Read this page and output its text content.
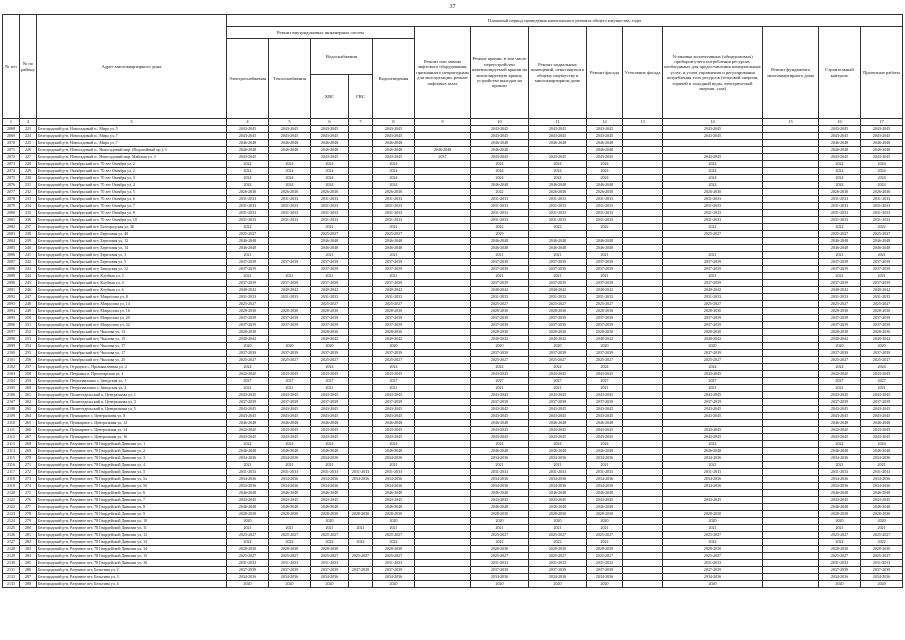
37
№ п/п	№ по району	Адрес многоквартирного дома	Плановый период проведения капитального ремонта общего имущества, годы													
			Ремонт внутридомовых инженерных систем					Ремонт или замена лифтового оборудования, признанного непригодным для эксплуатации, ремонт лифтовых шахт	Ремонт крыши, в том числе переустройство невентилируемой крыши на вентилируемую крышу, устройство выходов на кровлю	Ремонт подвальных помещений, относящихся к общему имуществу в многоквартирном доме	Ремонт фасада	Утепление фасада	Установка коллективных (общедомовых) приборов учета потребления ресурсов, необходимых для предоставления коммунальных услуг, и узлов управления и регулирования потребления этих ресурсов (тепловой энергии, горячей и холодной воды, электрической энергии, газа)	Ремонт фундамента многоквартирного дома	Строительный контроль	Проектные работы
			Электроснабжения	Теплоснабжения	Водоснабжения		Водоотведения									
					ХВС	ГВС										
1	2	3	4	5	6	7	8	9	10	11	12	13	14	15	16	17
2068	223	Белгородский р-н, Новосадовый п., Мира ул, 5	2043-2045	2043-2045	2043-2045		2043-2045		2043-2045	2043-2045	2043-2045		2043-2045		2043-2045	2043-2045
2069	224	Белгородский р-н, Новосадовый п., Мира ул, 7	2043-2045	2043-2045	2043-2045		2043-2045		2043-2045	2043-2045	2043-2045		2043-2045		2043-2045	2043-2045
2070	225	Белгородский р-н, Новосадовый п., Мира ул, 7	2046-2048	2046-2048	2046-2048		2046-2048		2046-2048	2046-2048	2046-2048				2046-2048	2046-2048
2071	226	Белгородский р-н, Новосадовый п., Новосадовый мкр. (Водопойный пр.), 3	2046-2048	2046-2048	2046-2048		2046-2048	2046-2048	2046-2048		2046-2048				2046-2048	2046-2048
2072	227	Белгородский р-н, Новосадовый п., Новосадовый мкр. Майская ул, 3	2043-2045		2043-2045		2043-2045	2037	2043-2045	2043-2045	2043-2045		2043-2045		2043-2045	2043-2045
2073	228	Белгородский р-н, Октябрьский пгт, 70 лет Октября ул, 2	2024	2024	2024		2024		2024	2024	2024		2024		2024	2024
2074	229	Белгородский р-н, Октябрьский пгт, 70 лет Октября ул, 2	2024	2024	2024		2024		2024	2024	2024		2024		2024	2024
2075	230	Белгородский р-н, Октябрьский пгт, 70 лет Октября ул, 3	2024	2024	2024		2024		2024	2024	2024		2024		2024	2024
2076	231	Белгородский р-н, Октябрьский пгт, 70 лет Октября ул, 4	2024	2024	2024		2024		2046-2048	2046-2048	2046-2048		2024		2024	2024
2077	232	Белгородский р-н, Октябрьский пгт, 70 лет Октября ул, 5	2026-2030	2026-2030	2026-2030		2026-2030		2022	2026-2030	2026-2030		2026-2030		2026-2030	2026-2030
2078	233	Белгородский р-н, Октябрьский пгт, 70 лет Октября ул, 6	2031-2033	2031-2033	2031-2033		2031-2033		2031-2033	2031-2033	2031-2033		2031-2033		2031-2033	2031-2033
2079	234	Белгородский р-н, Октябрьский пгт, 70 лет Октября ул, 7	2031-2033	2031-2033	2031-2033		2031-2033		2031-2033	2031-2033	2031-2033		2031-2033		2031-2033	2031-2033
2080	235	Белгородский р-н, Октябрьский пгт, 70 лет Октября ул, 8	2031-2033	2031-2033	2031-2033		2031-2033		2031-2033	2031-2033	2031-2033		2031-2033		2031-2033	2031-2033
2081	236	Белгородский р-н, Октябрьский пгт, 70 лет Октября ул, 10	2031-2033	2031-2033	2031-2033		2031-2033		2031-2033	2031-2033	2031-2033		2031-2033		2031-2033	2031-2033
2082	237	Белгородский р-н, Октябрьский пгт, Белгородская ул, 46	2022		2022		2022		2022	2022	2022		2022		2022	2022
2083	238	Белгородский р-н, Октябрьский пгт, Березовая ул, 40	2025-2027		2025-2027		2025-2027		2029				2025-2027		2025-2027	2025-2027
2084	239	Белгородский р-н, Октябрьский пгт, Березовая ул, 12	2046-2048		2046-2048		2046-2048		2046-2048	2046-2048	2046-2048				2046-2048	2046-2048
2085	240	Белгородский р-н, Октябрьский пгт, Березовая ул, 14	2046-2048		2046-2048		2046-2048		2046-2048	2046-2048	2046-2048				2046-2048	2046-2048
2086	241	Белгородский р-н, Октябрьский пгт, Березовая ул, 3	2021		2021		2021		2021	2021	2021		2021		2021	2021
2087	242	Белгородский р-н, Октябрьский пгт, Березовая ул, 5	2037-2039	2037-2039	2037-2039		2037-2039		2037-2039	2037-2039	2037-2039		2037-2039		2037-2039	2037-2039
2088	243	Белгородский р-н, Октябрьский пгт, Заводская ул, 12	2037-2039		2037-2039		2037-2039		2037-2039	2037-2039	2037-2039		2037-2039		2037-2039	2037-2039
2089	244	Белгородский р-н, Октябрьский пгт, Клубная ул, 3	2021	2021	2021		2021		2021	2021	2021		2021		2021	2021
2090	245	Белгородский р-н, Октябрьский пгт, Клубная ул, 4	2037-2039	2037-2039	2037-2039		2037-2039		2037-2039	2037-2039	2037-2039		2037-2039		2037-2039	2037-2039
2091	246	Белгородский р-н, Октябрьский пгт, Клубная ул, 6	2040-2042	2040-2042	2040-2042		2040-2042		2040-2042	2040-2042	2040-2042		2040-2042		2040-2042	2040-2042
2092	247	Белгородский р-н, Октябрьский пгт, Матросова ул, 8	2031-2033	2031-2033	2031-2033		2031-2033		2031-2033	2031-2033	2031-2033		2031-2033		2031-2033	2031-2033
2093	248	Белгородский р-н, Октябрьский пгт, Матросова ул, 14	2025-2027		2025-2027		2025-2027		2025-2027	2025-2027	2025-2027		2025-2027		2025-2027	2025-2027
2094	249	Белгородский р-н, Октябрьский пгт, Матросова ул, 16	2028-2030	2028-2030	2028-2030		2028-2030		2028-2030	2028-2030	2028-2030		2028-2030		2028-2030	2028-2030
2095	250	Белгородский р-н, Октябрьский пгт, Матросова ул, 20	2037-2039	2037-2039	2037-2039		2037-2039		2037-2039	2037-2039	2037-2039		2037-2039		2037-2039	2037-2039
2096	251	Белгородский р-н, Октябрьский пгт, Матросова ул, 22	2037-2039	2037-2039	2037-2039		2037-2039		2037-2039	2037-2039	2037-2039		2037-2039		2037-2039	2037-2039
2097	252	Белгородский р-н, Октябрьский пгт, Чкалова ул, 13	2028-2030		2028-2030		2028-2030		2028-2030	2028-2030	2028-2030		2028-2030		2028-2030	2028-2030
2098	253	Белгородский р-н, Октябрьский пгт, Чкалова ул, 15	2040-2042		2040-2042		2040-2042		2040-2042	2040-2042	2040-2042		2040-2042		2040-2042	2040-2042
2099	254	Белгородский р-н, Октябрьский пгт, Чкалова ул, 17	2020	2020	2020		2020		2020	2020	2020		2020		2020	2020
2100	255	Белгородский р-н, Октябрьский пгт, Чкалова ул, 17	2037-2039	2037-2039	2037-2039		2037-2039		2037-2039	2037-2039	2037-2039		2037-2039		2037-2039	2037-2039
2101	256	Белгородский р-н, Октябрьский пгт, Чкалова ул, 25	2025-2027	2025-2027	2025-2027		2025-2027		2025-2027	2025-2027	2025-2027		2025-2027		2025-2027	2025-2027
2102	257	Белгородский р-н, Отрадное с, Промышленная ул, 2	2024		2024		2024		2024	2024	2024		2024		2024	2024
2103	258	Белгородский р-н, Петровка п, Пролетарская ул, 4	2043-2045	2043-2045	2043-2045		2043-2045		2043-2045	2043-2045	2043-2045		2043-2045		2043-2045	2043-2045
2104	259	Белгородский р-н, Петропавловка с, Заводская ул, 1	2027	2027	2027		2027		2027	2027	2027		2027		2027	2027
2105	260	Белгородский р-н, Петропавловка с, Заводская ул, 2	2021	2021	2021		2021		2021	2021	2021		2021		2021	2021
2106	261	Белгородский р-н, Политотдельский п, Центральная ул, 1	2043-2045	2043-2045	2043-2045		2043-2045		2043-2045	2043-2045	2043-2045		2043-2045		2043-2045	2043-2045
2107	262	Белгородский р-н, Политотдельский п, Центральная ул, 3	2037-2039	2037-2039	2037-2039		2037-2039		2037-2039	2037-2039	2037-2039		2037-2039		2037-2039	2037-2039
2108	263	Белгородский р-н, Политотдельский п, Центральная ул, 5	2043-2045	2043-2045	2043-2045		2043-2045		2043-2045	2043-2045	2043-2045		2043-2045		2043-2045	2043-2045
2109	264	Белгородский р-н, Пушкарное с, Центральная ул, 8	2043-2045	2043-2045	2043-2045		2043-2045		2043-2045	2043-2045	2043-2045		2043-2045		2043-2045	2043-2045
2110	265	Белгородский р-н, Пушкарное с, Центральная ул, 12	2046-2048	2046-2048	2046-2048		2046-2048		2046-2048	2046-2048	2046-2048				2046-2048	2046-2048
2111	266	Белгородский р-н, Пушкарное с, Центральная ул, 14	2043-2045	2043-2045	2043-2045		2043-2045		2043-2045	2043-2045	2043-2045		2043-2045		2043-2045	2043-2045
2112	267	Белгородский р-н, Пушкарное с, Центральная ул, 16	2043-2045	2043-2045	2043-2045		2043-2045		2043-2045	2043-2045	2043-2045		2043-2045		2043-2045	2043-2045
2113	268	Белгородский р-н, Разумное пгт, 78 Гвардейской Дивизии ул, 1	2024	2024	2024		2024		2024	2024	2024		2024		2024	2024
2114	269	Белгородский р-н, Разумное пгт, 78 Гвардейской Дивизии ул, 2	2046-2048	2046-2048	2046-2048		2046-2048		2046-2048	2046-2048	2046-2048		2046-2048		2046-2048	2046-2048
2115	270	Белгородский р-н, Разумное пгт, 78 Гвардейской Дивизии ул, 3	2034-2036	2034-2036	2034-2036		2034-2036		2034-2036	2034-2036	2034-2036		2034-2036		2034-2036	2034-2036
2116	271	Белгородский р-н, Разумное пгт, 78 Гвардейской Дивизии ул, 4	2021	2021	2021		2021		2021	2021	2021		2021		2021	2021
2117	272	Белгородский р-н, Разумное пгт, 78 Гвардейской Дивизии ул, 5	2031-2033	2031-2033	2031-2033	2031-2033	2031-2033		2031-2033	2031-2033	2031-2033		2031-2033		2031-2033	2031-2033
2118	273	Белгородский р-н, Разумное пгт, 78 Гвардейской Дивизии ул, 5а	2034-2036	2034-2036	2034-2036	2034-2036	2034-2036		2034-2036	2034-2036	2034-2036		2034-2036		2034-2036	2034-2036
2119	274	Белгородский р-н, Разумное пгт, 78 Гвардейской Дивизии ул, 5б	2034-2036	2034-2036	2034-2036		2034-2036		2034-2036	2034-2036	2034-2036		2034-2036		2034-2036	2034-2036
2120	275	Белгородский р-н, Разумное пгт, 78 Гвардейской Дивизии ул, 6	2046-2048	2046-2048	2046-2048		2046-2048		2046-2048	2046-2048	2046-2048				2046-2048	2046-2048
2121	276	Белгородский р-н, Разумное пгт, 78 Гвардейской Дивизии ул, 7	2043-2045	2043-2045	2043-2045		2043-2045		2043-2045	2043-2045	2043-2045		2043-2045		2043-2045	2043-2045
2122	277	Белгородский р-н, Разумное пгт, 78 Гвардейской Дивизии ул, 8	2046-2048	2046-2048	2046-2048		2046-2048		2046-2048	2046-2048	2046-2048				2046-2048	2046-2048
2123	278	Белгородский р-н, Разумное пгт, 78 Гвардейской Дивизии ул, 9	2028-2030	2028-2030	2028-2030	2028-2030	2028-2030		2028-2030	2028-2030	2028-2030		2028-2030		2028-2030	2028-2030
2124	279	Белгородский р-н, Разумное пгт, 78 Гвардейской Дивизии ул, 10	2020		2020		2020		2020	2020	2020		2020		2020	2020
2125	280	Белгородский р-н, Разумное пгт, 78 Гвардейской Дивизии ул, 11	2021	2021	2021	2021	2021		2021	2021	2021		2021		2021	2021
2126	281	Белгородский р-н, Разумное пгт, 78 Гвардейской Дивизии ул, 12	2025-2027	2025-2027	2025-2027		2025-2027		2025-2027	2025-2027	2025-2027		2025-2027		2025-2027	2025-2027
2127	282	Белгородский р-н, Разумное пгт, 78 Гвардейской Дивизии ул, 13	2022	2022	2022	2022	2022		2022	2022	2022		2022		2022	2022
2128	283	Белгородский р-н, Разумное пгт, 78 Гвардейской Дивизии ул, 14	2028-2030	2028-2030	2028-2030		2028-2030		2028-2030	2028-2030	2028-2030		2028-2030		2028-2030	2028-2030
2129	284	Белгородский р-н, Разумное пгт, 78 Гвардейской Дивизии ул, 15	2025-2027	2025-2027	2025-2027	2025-2027	2025-2027		2025-2027	2025-2027	2025-2027		2025-2027		2025-2027	2025-2027
2130	285	Белгородский р-н, Разумное пгт, 78 Гвардейской Дивизии ул, 16	2031-2033	2031-2033	2031-2033		2031-2033		2031-2033	2031-2033	2031-2033		2031-2033		2031-2033	2031-2033
2131	286	Белгородский р-н, Разумное пгт, Бельгина ул, 2	2037-2039	2037-2039	2037-2039	2037-2039	2037-2039		2037-2039	2037-2039	2037-2039		2037-2039		2037-2039	2037-2039
2132	287	Белгородский р-н, Разумное пгт, Бельгина ул, 3	2034-2036	2034-2036	2034-2036		2034-2036		2034-2036	2034-2036	2034-2036		2034-2036		2034-2036	2034-2036
2133	288	Белгородский р-н, Разумное пгт, Бельгина ул, 4	2020	2020	2020		2020		2020	2020	2020		2020		2020	2020
